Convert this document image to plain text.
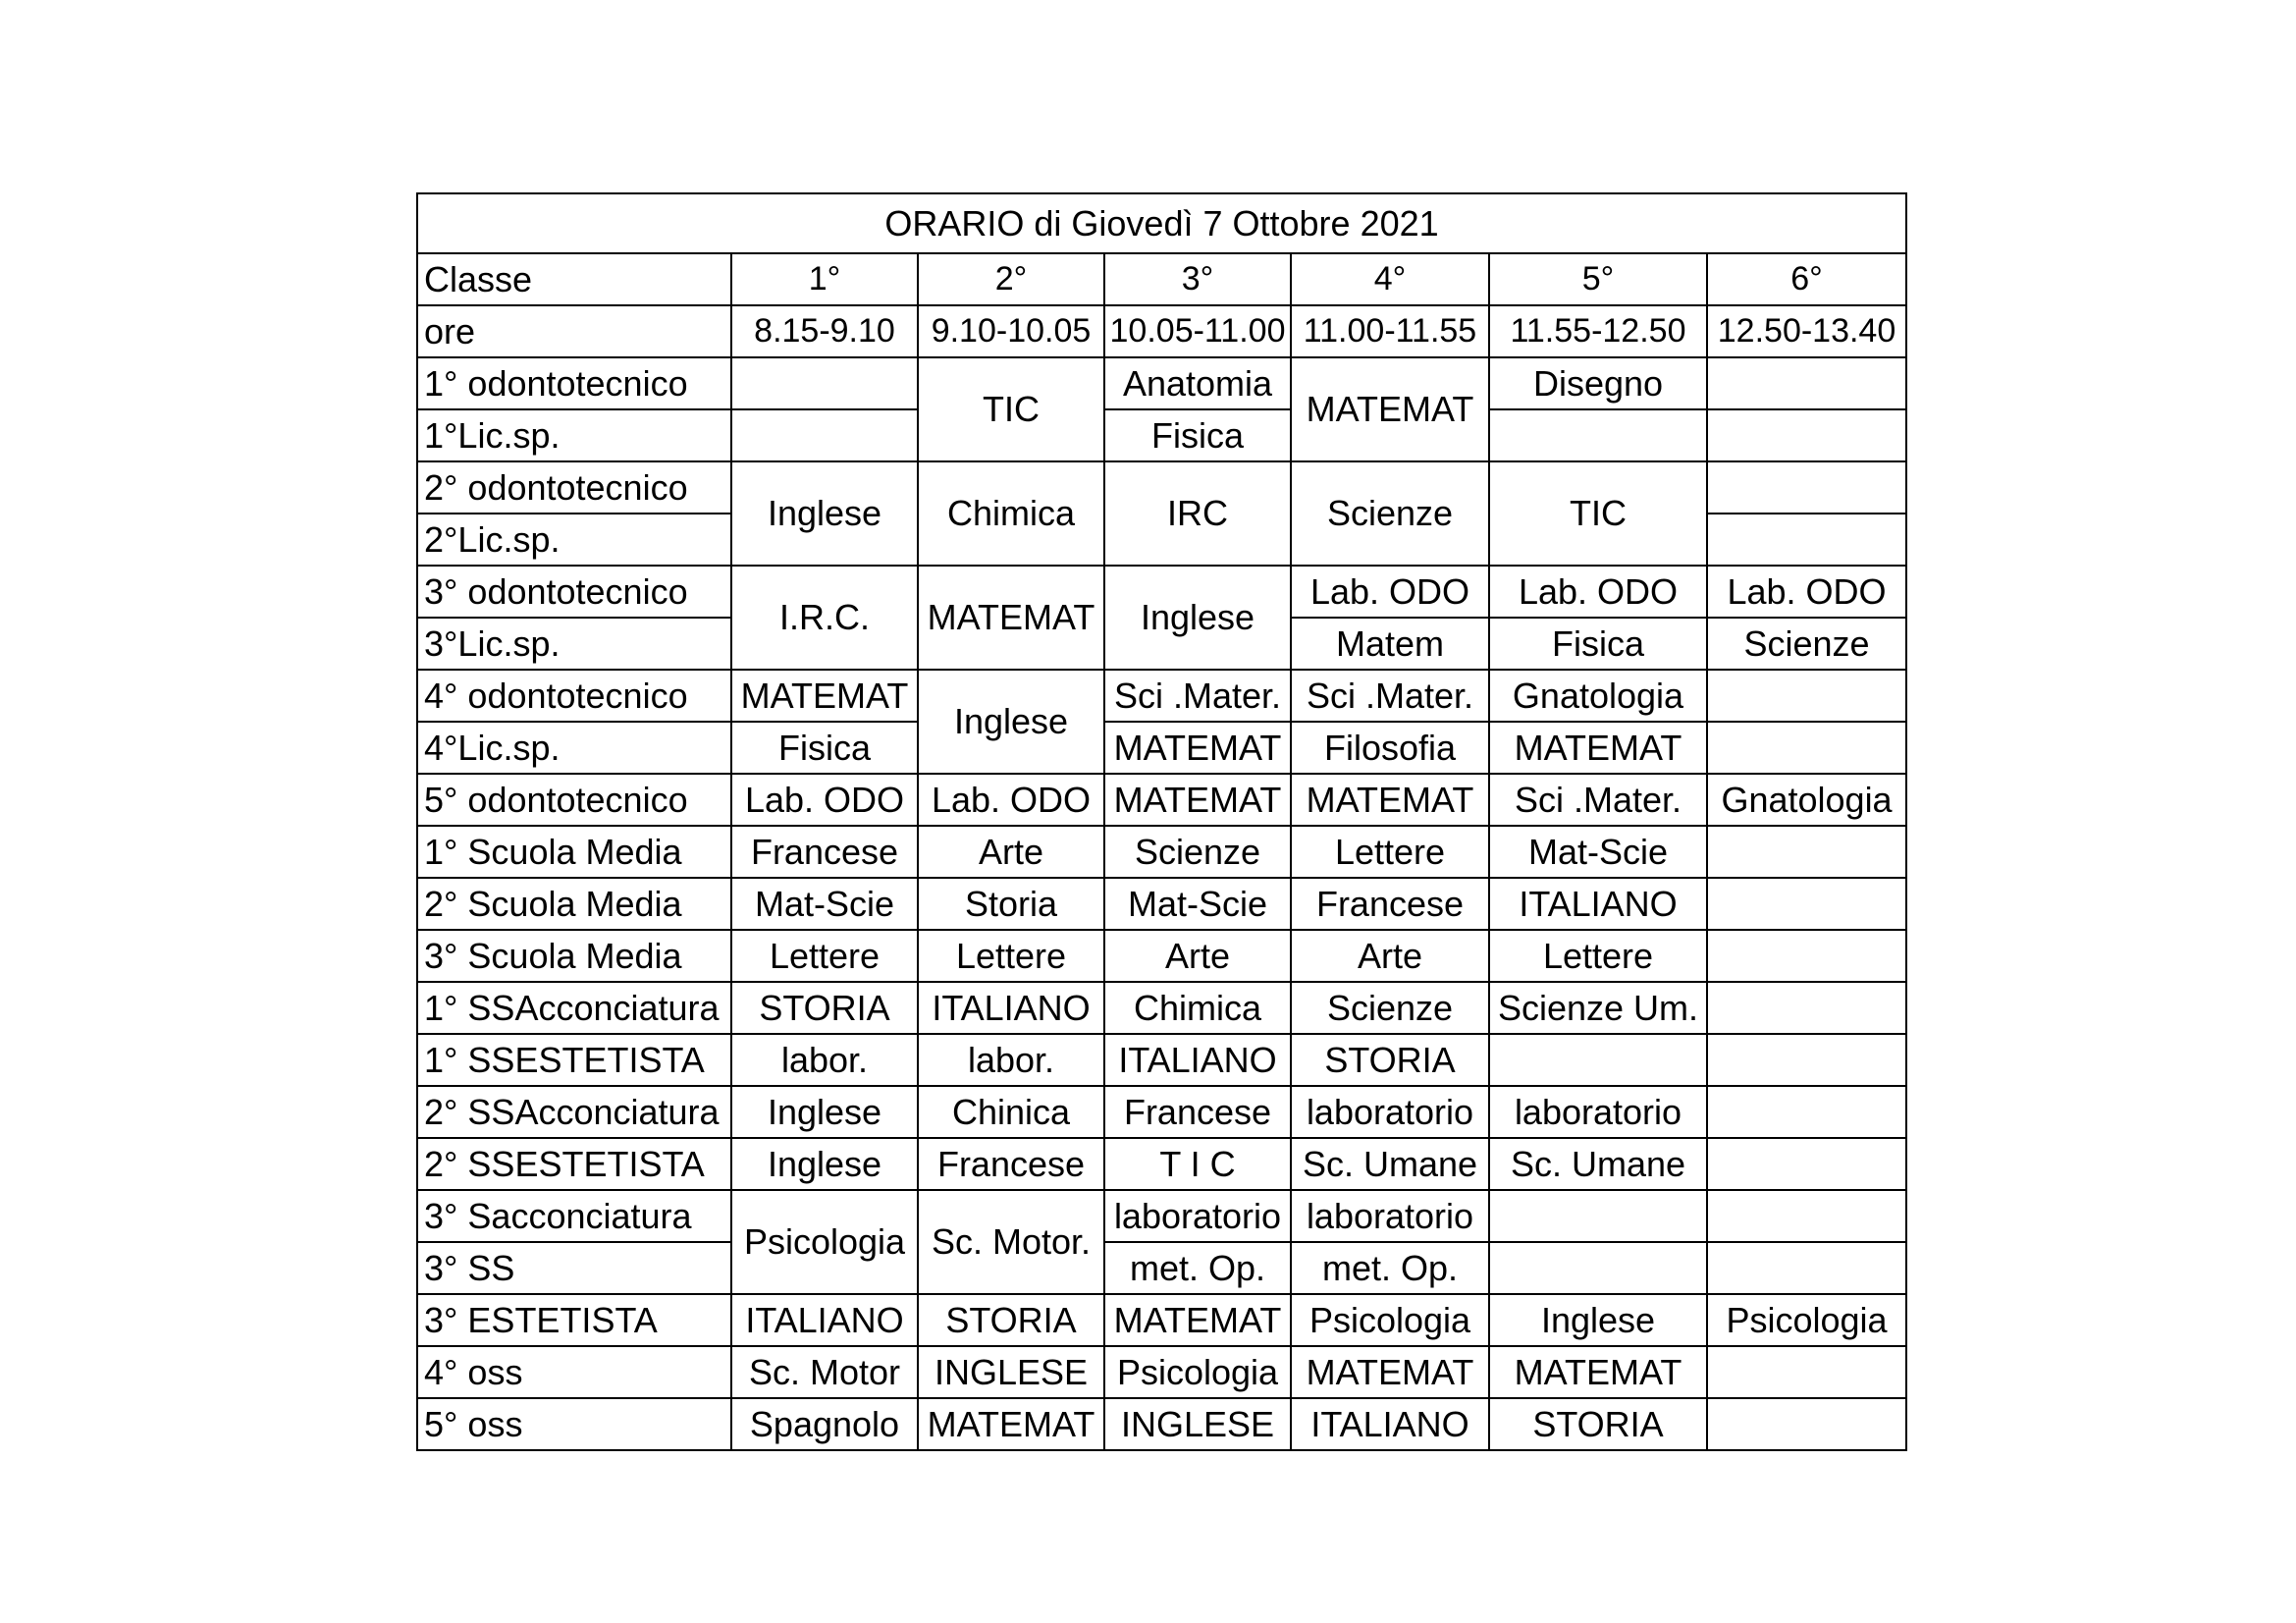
ORARIO di Giovedì 7 Ottobre 2021						
Classe	1°	2°	3°	4°	5°	6°
ore	8.15-9.10	9.10-10.05	10.05-11.00	11.00-11.55	11.55-12.50	12.50-13.40
1° odontotecnico		TIC	Anatomia	MATEMAT	Disegno	
1°Lic.sp.			Fisica			
2° odontotecnico	Inglese	Chimica	IRC	Scienze	TIC	
2°Lic.sp.						
3° odontotecnico	I.R.C.	MATEMAT	Inglese	Lab. ODO	Lab. ODO	Lab. ODO
3°Lic.sp.				Matem	Fisica	Scienze
4° odontotecnico	MATEMAT	Inglese	Sci .Mater.	Sci .Mater.	Gnatologia	
4°Lic.sp.	Fisica		MATEMAT	Filosofia	MATEMAT	
5° odontotecnico	Lab. ODO	Lab. ODO	MATEMAT	MATEMAT	Sci .Mater.	Gnatologia
1° Scuola Media	Francese	Arte	Scienze	Lettere	Mat-Scie	
2° Scuola Media	Mat-Scie	Storia	Mat-Scie	Francese	ITALIANO	
3° Scuola Media	Lettere	Lettere	Arte	Arte	Lettere	
1° SSAcconciatura	STORIA	ITALIANO	Chimica	Scienze	Scienze Um.	
1° SSESTETISTA	labor.	labor.	ITALIANO	STORIA		
2° SSAcconciatura	Inglese	Chinica	Francese	laboratorio	laboratorio	
2° SSESTETISTA	Inglese	Francese	T I C	Sc. Umane	Sc. Umane	
3° Sacconciatura	Psicologia	Sc. Motor.	laboratorio	laboratorio		
3° SS			met. Op.	met. Op.		
3° ESTETISTA	ITALIANO	STORIA	MATEMAT	Psicologia	Inglese	Psicologia
4° oss	Sc. Motor	INGLESE	Psicologia	MATEMAT	MATEMAT	
5° oss	Spagnolo	MATEMAT	INGLESE	ITALIANO	STORIA	
